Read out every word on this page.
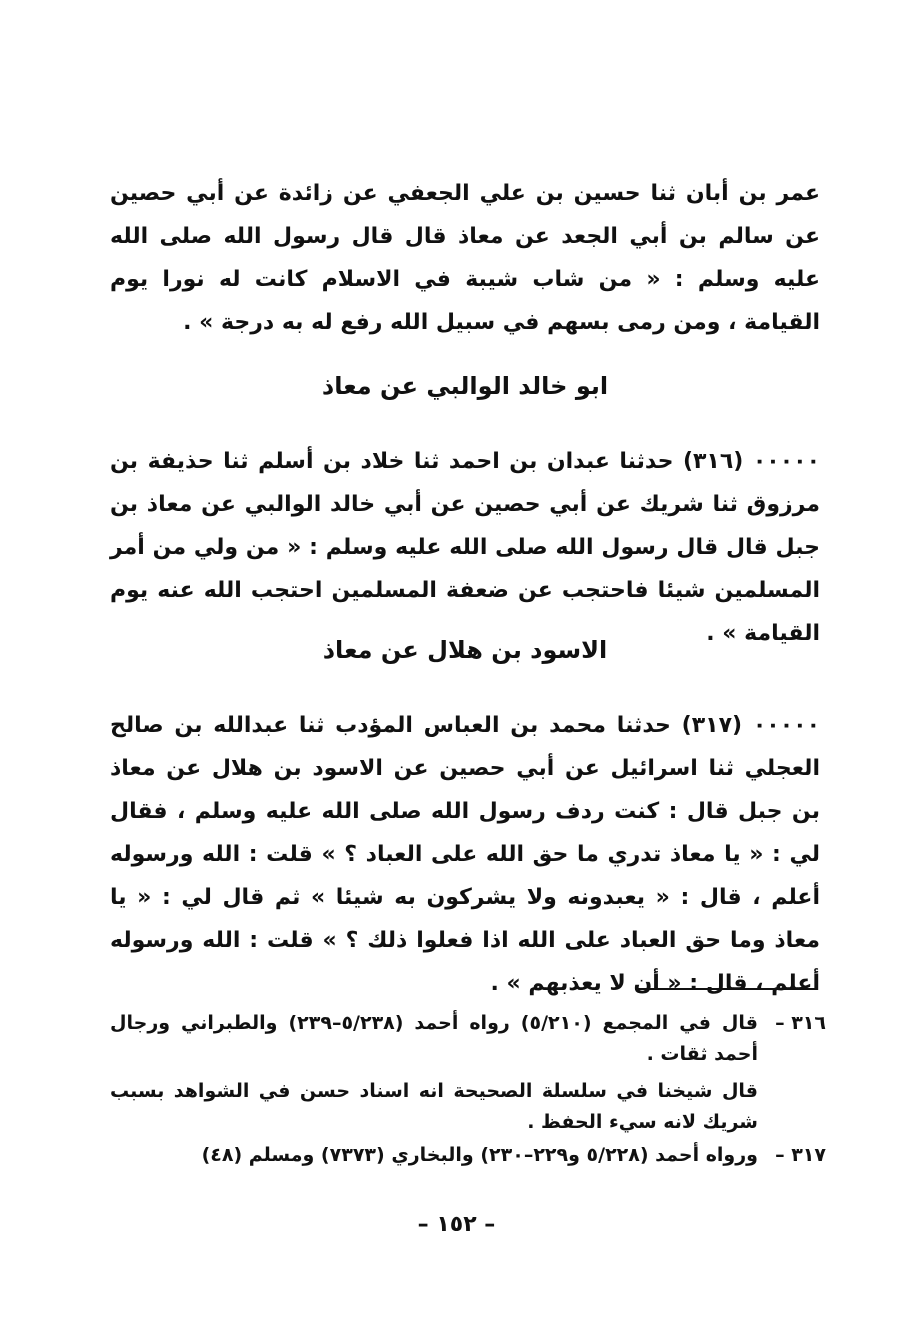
عمر بن أبان ثنا حسين بن علي الجعفي عن زائدة عن أبي حصين عن سالم بن أبي الجعد عن معاذ قال قال رسول الله صلى الله عليه وسلم : « من شاب شيبة في الاسلام كانت له نورا يوم القيامة ، ومن رمى بسهم في سبيل الله رفع له به درجة » .
ابو خالد الوالبي عن معاذ
٠٠٠٠٠ (٣١٦) حدثنا عبدان بن احمد ثنا خلاد بن أسلم ثنا حذيفة بن مرزوق ثنا شريك عن أبي حصين عن أبي خالد الوالبي عن معاذ بن جبل قال قال رسول الله صلى الله عليه وسلم : « من ولي من أمر المسلمين شيئا فاحتجب عن ضعفة المسلمين احتجب الله عنه يوم القيامة » .
الاسود بن هلال عن معاذ
٠٠٠٠٠ (٣١٧) حدثنا محمد بن العباس المؤدب ثنا عبدالله بن صالح العجلي ثنا اسرائيل عن أبي حصين عن الاسود بن هلال عن معاذ بن جبل قال : كنت ردف رسول الله صلى الله عليه وسلم ، فقال لي : « يا معاذ تدري ما حق الله على العباد ؟ » قلت : الله ورسوله أعلم ، قال : « يعبدونه ولا يشركون به شيئا » ثم قال لي : « يا معاذ وما حق العباد على الله اذا فعلوا ذلك ؟ » قلت : الله ورسوله أعلم ، قال : « أن لا يعذبهم » .
٣١٦ –
قال في المجمع (٥/٢١٠) رواه أحمد (٥/٢٣٨–٢٣٩) والطبراني ورجال أحمد ثقات .
قال شيخنا في سلسلة الصحيحة انه اسناد حسن في الشواهد بسبب شريك لانه سيء الحفظ .
٣١٧ –
ورواه أحمد (٥/٢٢٨ و٢٢٩–٢٣٠) والبخاري (٧٣٧٣) ومسلم (٤٨)
– ١٥٢ –
